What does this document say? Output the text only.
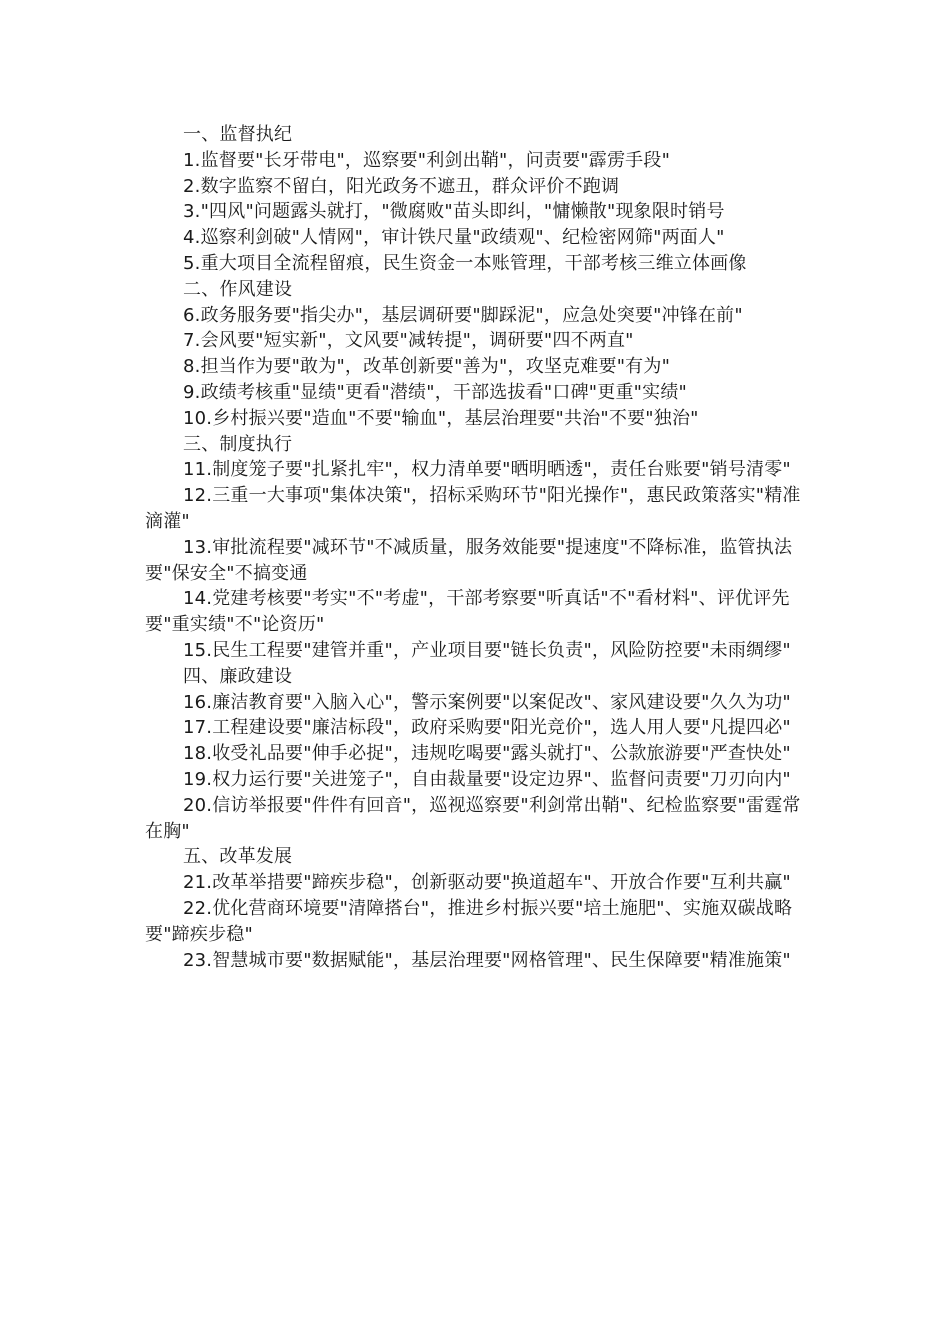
一、监督执纪

1.监督要"长牙带电"，巡察要"利剑出鞘"，问责要"霹雳手段"

2.数字监察不留白，阳光政务不遮丑，群众评价不跑调

3."四风"问题露头就打，"微腐败"苗头即纠，"慵懒散"现象限时销号

4.巡察利剑破"人情网"，审计铁尺量"政绩观"、纪检密网筛"两面人"

5.重大项目全流程留痕，民生资金一本账管理，干部考核三维立体画像

二、作风建设

6.政务服务要"指尖办"，基层调研要"脚踩泥"，应急处突要"冲锋在前"

7.会风要"短实新"，文风要"减转提"，调研要"四不两直"

8.担当作为要"敢为"，改革创新要"善为"，攻坚克难要"有为"

9.政绩考核重"显绩"更看"潜绩"，干部选拔看"口碑"更重"实绩"

10.乡村振兴要"造血"不要"输血"，基层治理要"共治"不要"独治"

三、制度执行

11.制度笼子要"扎紧扎牢"，权力清单要"晒明晒透"，责任台账要"销号清零"

12.三重一大事项"集体决策"，招标采购环节"阳光操作"，惠民政策落实"精准滴灌"

13.审批流程要"减环节"不减质量，服务效能要"提速度"不降标准，监管执法要"保安全"不搞变通

14.党建考核要"考实"不"考虚"，干部考察要"听真话"不"看材料"、评优评先要"重实绩"不"论资历"

15.民生工程要"建管并重"，产业项目要"链长负责"，风险防控要"未雨绸缪"

四、廉政建设

16.廉洁教育要"入脑入心"，警示案例要"以案促改"、家风建设要"久久为功"

17.工程建设要"廉洁标段"，政府采购要"阳光竞价"，选人用人要"凡提四必"

18.收受礼品要"伸手必捉"，违规吃喝要"露头就打"、公款旅游要"严查快处"

19.权力运行要"关进笼子"，自由裁量要"设定边界"、监督问责要"刀刃向内"

20.信访举报要"件件有回音"，巡视巡察要"利剑常出鞘"、纪检监察要"雷霆常在胸"

五、改革发展

21.改革举措要"蹄疾步稳"，创新驱动要"换道超车"、开放合作要"互利共赢"

22.优化营商环境要"清障搭台"，推进乡村振兴要"培土施肥"、实施双碳战略要"蹄疾步稳"

23.智慧城市要"数据赋能"，基层治理要"网格管理"、民生保障要"精准施策"
